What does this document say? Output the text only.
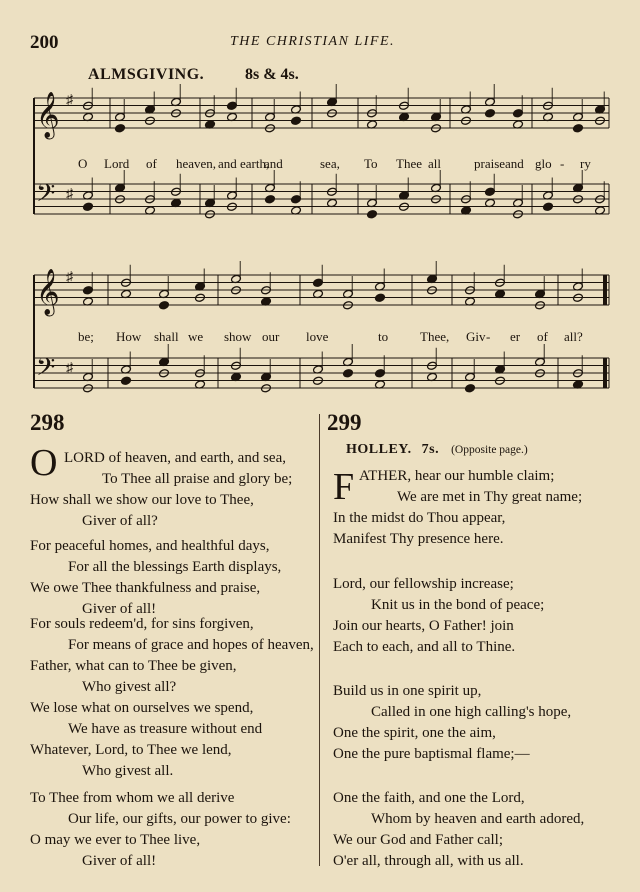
200	THE CHRISTIAN LIFE.
ALMSGIVING.	8s & 4s.
𝄞 ♯
𝄢 ♯
𝄞 ♯
𝄢 ♯
O Lord of heaven, and earth,
and	sea, To Thee all	praise and glo - ry
be; How shall we show our love	to Thee, Giv - er of all?
298
O LORD of heaven, and earth, and sea,
To Thee all praise and glory be;
How shall we show our love to Thee,
Giver of all?
For peaceful homes, and healthful days,
For all the blessings Earth displays,
We owe Thee thankfulness and praise,
Giver of all!
For souls redeem'd, for sins forgiven,
For means of grace and hopes of heaven,
Father, what can to Thee be given,
Who givest all?
We lose what on ourselves we spend,
We have as treasure without end
Whatever, Lord, to Thee we lend,
Who givest all.
To Thee from whom we all derive
Our life, our gifts, our power to give:
O may we ever to Thee live,
Giver of all!
299
HOLLEY. 7s. (Opposite page.)
F ATHER, hear our humble claim;
We are met in Thy great name;
In the midst do Thou appear,
Manifest Thy presence here.
Lord, our fellowship increase;
Knit us in the bond of peace;
Join our hearts, O Father! join
Each to each, and all to Thine.
Build us in one spirit up,
Called in one high calling's hope,
One the spirit, one the aim,
One the pure baptismal flame;—
One the faith, and one the Lord,
Whom by heaven and earth adored,
We our God and Father call;
O'er all, through all, with us all.
